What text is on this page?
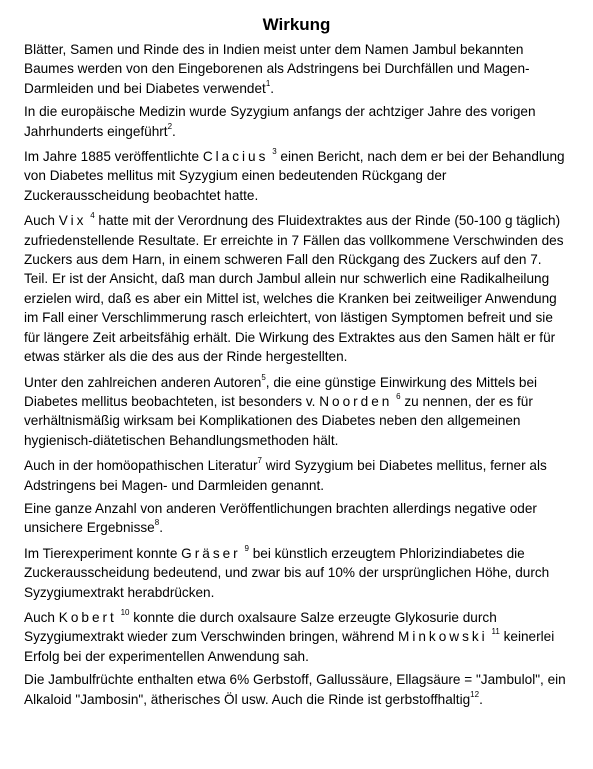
Wirkung

Blätter, Samen und Rinde des in Indien meist unter dem Namen Jambul bekannten Baumes werden von den Eingeborenen als Adstringens bei Durchfällen und Magen-Darmleiden und bei Diabetes verwendet$^1$.

In die europäische Medizin wurde Syzygium anfangs der achtziger Jahre des vorigen Jahrhunderts eingeführt$^2$.

Im Jahre 1885 veröffentlichte Clacius $^3$ einen Bericht, nach dem er bei der Behandlung von Diabetes mellitus mit Syzygium einen bedeutenden Rückgang der Zuckerausscheidung beobachtet hatte.

Auch Vix $^4$ hatte mit der Verordnung des Fluidextraktes aus der Rinde (50-100 g täglich) zufriedenstellende Resultate. Er erreichte in 7 Fällen das vollkommene Verschwinden des Zuckers aus dem Harn, in einem schweren Fall den Rückgang des Zuckers auf den 7. Teil. Er ist der Ansicht, daß man durch Jambul allein nur schwerlich eine Radikalheilung erzielen wird, daß es aber ein Mittel ist, welches die Kranken bei zeitweiliger Anwendung im Fall einer Verschlimmerung rasch erleichtert, von lästigen Symptomen befreit und sie für längere Zeit arbeitsfähig erhält. Die Wirkung des Extraktes aus den Samen hält er für etwas stärker als die des aus der Rinde hergestellten.

Unter den zahlreichen anderen Autoren$^5$, die eine günstige Einwirkung des Mittels bei Diabetes mellitus beobachteten, ist besonders v. Noorden $^6$ zu nennen, der es für verhältnismäßig wirksam bei Komplikationen des Diabetes neben den allgemeinen hygienisch-diätetischen Behandlungsmethoden hält.

Auch in der homöopathischen Literatur$^7$ wird Syzygium bei Diabetes mellitus, ferner als Adstringens bei Magen- und Darmleiden genannt.

Eine ganze Anzahl von anderen Veröffentlichungen brachten allerdings negative oder unsichere Ergebnisse$^8$.

Im Tierexperiment konnte Gräser $^9$ bei künstlich erzeugtem Phlorizindiabetes die Zuckerausscheidung bedeutend, und zwar bis auf 10% der ursprünglichen Höhe, durch Syzygiumextrakt herabdrücken.

Auch Kobert $^{10}$ konnte die durch oxalsaure Salze erzeugte Glykosurie durch Syzygiumextrakt wieder zum Verschwinden bringen, während Minkowski $^{11}$ keinerlei Erfolg bei der experimentellen Anwendung sah.

Die Jambulfrüchte enthalten etwa 6% Gerbstoff, Gallussäure, Ellagsäure = "Jambulol", ein Alkaloid "Jambosin", ätherisches Öl usw. Auch die Rinde ist gerbstoffhaltig$^{12}$.
